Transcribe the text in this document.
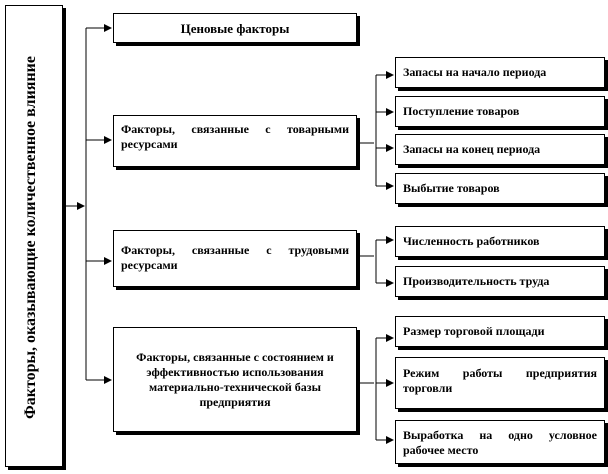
Факторы, оказывающие количественное влияние
Ценовые факторы
Факторы, связанные с товарными ресурсами
Факторы, связанные с трудовыми ресурсами
Факторы, связанные с состоянием и эффективностью использования материально-технической базы предприятия
Запасы на начало периода
Поступление товаров
Запасы на конец периода
Выбытие товаров
Численность работников
Производительность труда
Размер торговой площади
Режим работы предприятия торговли
Выработка на одно условное рабочее место
